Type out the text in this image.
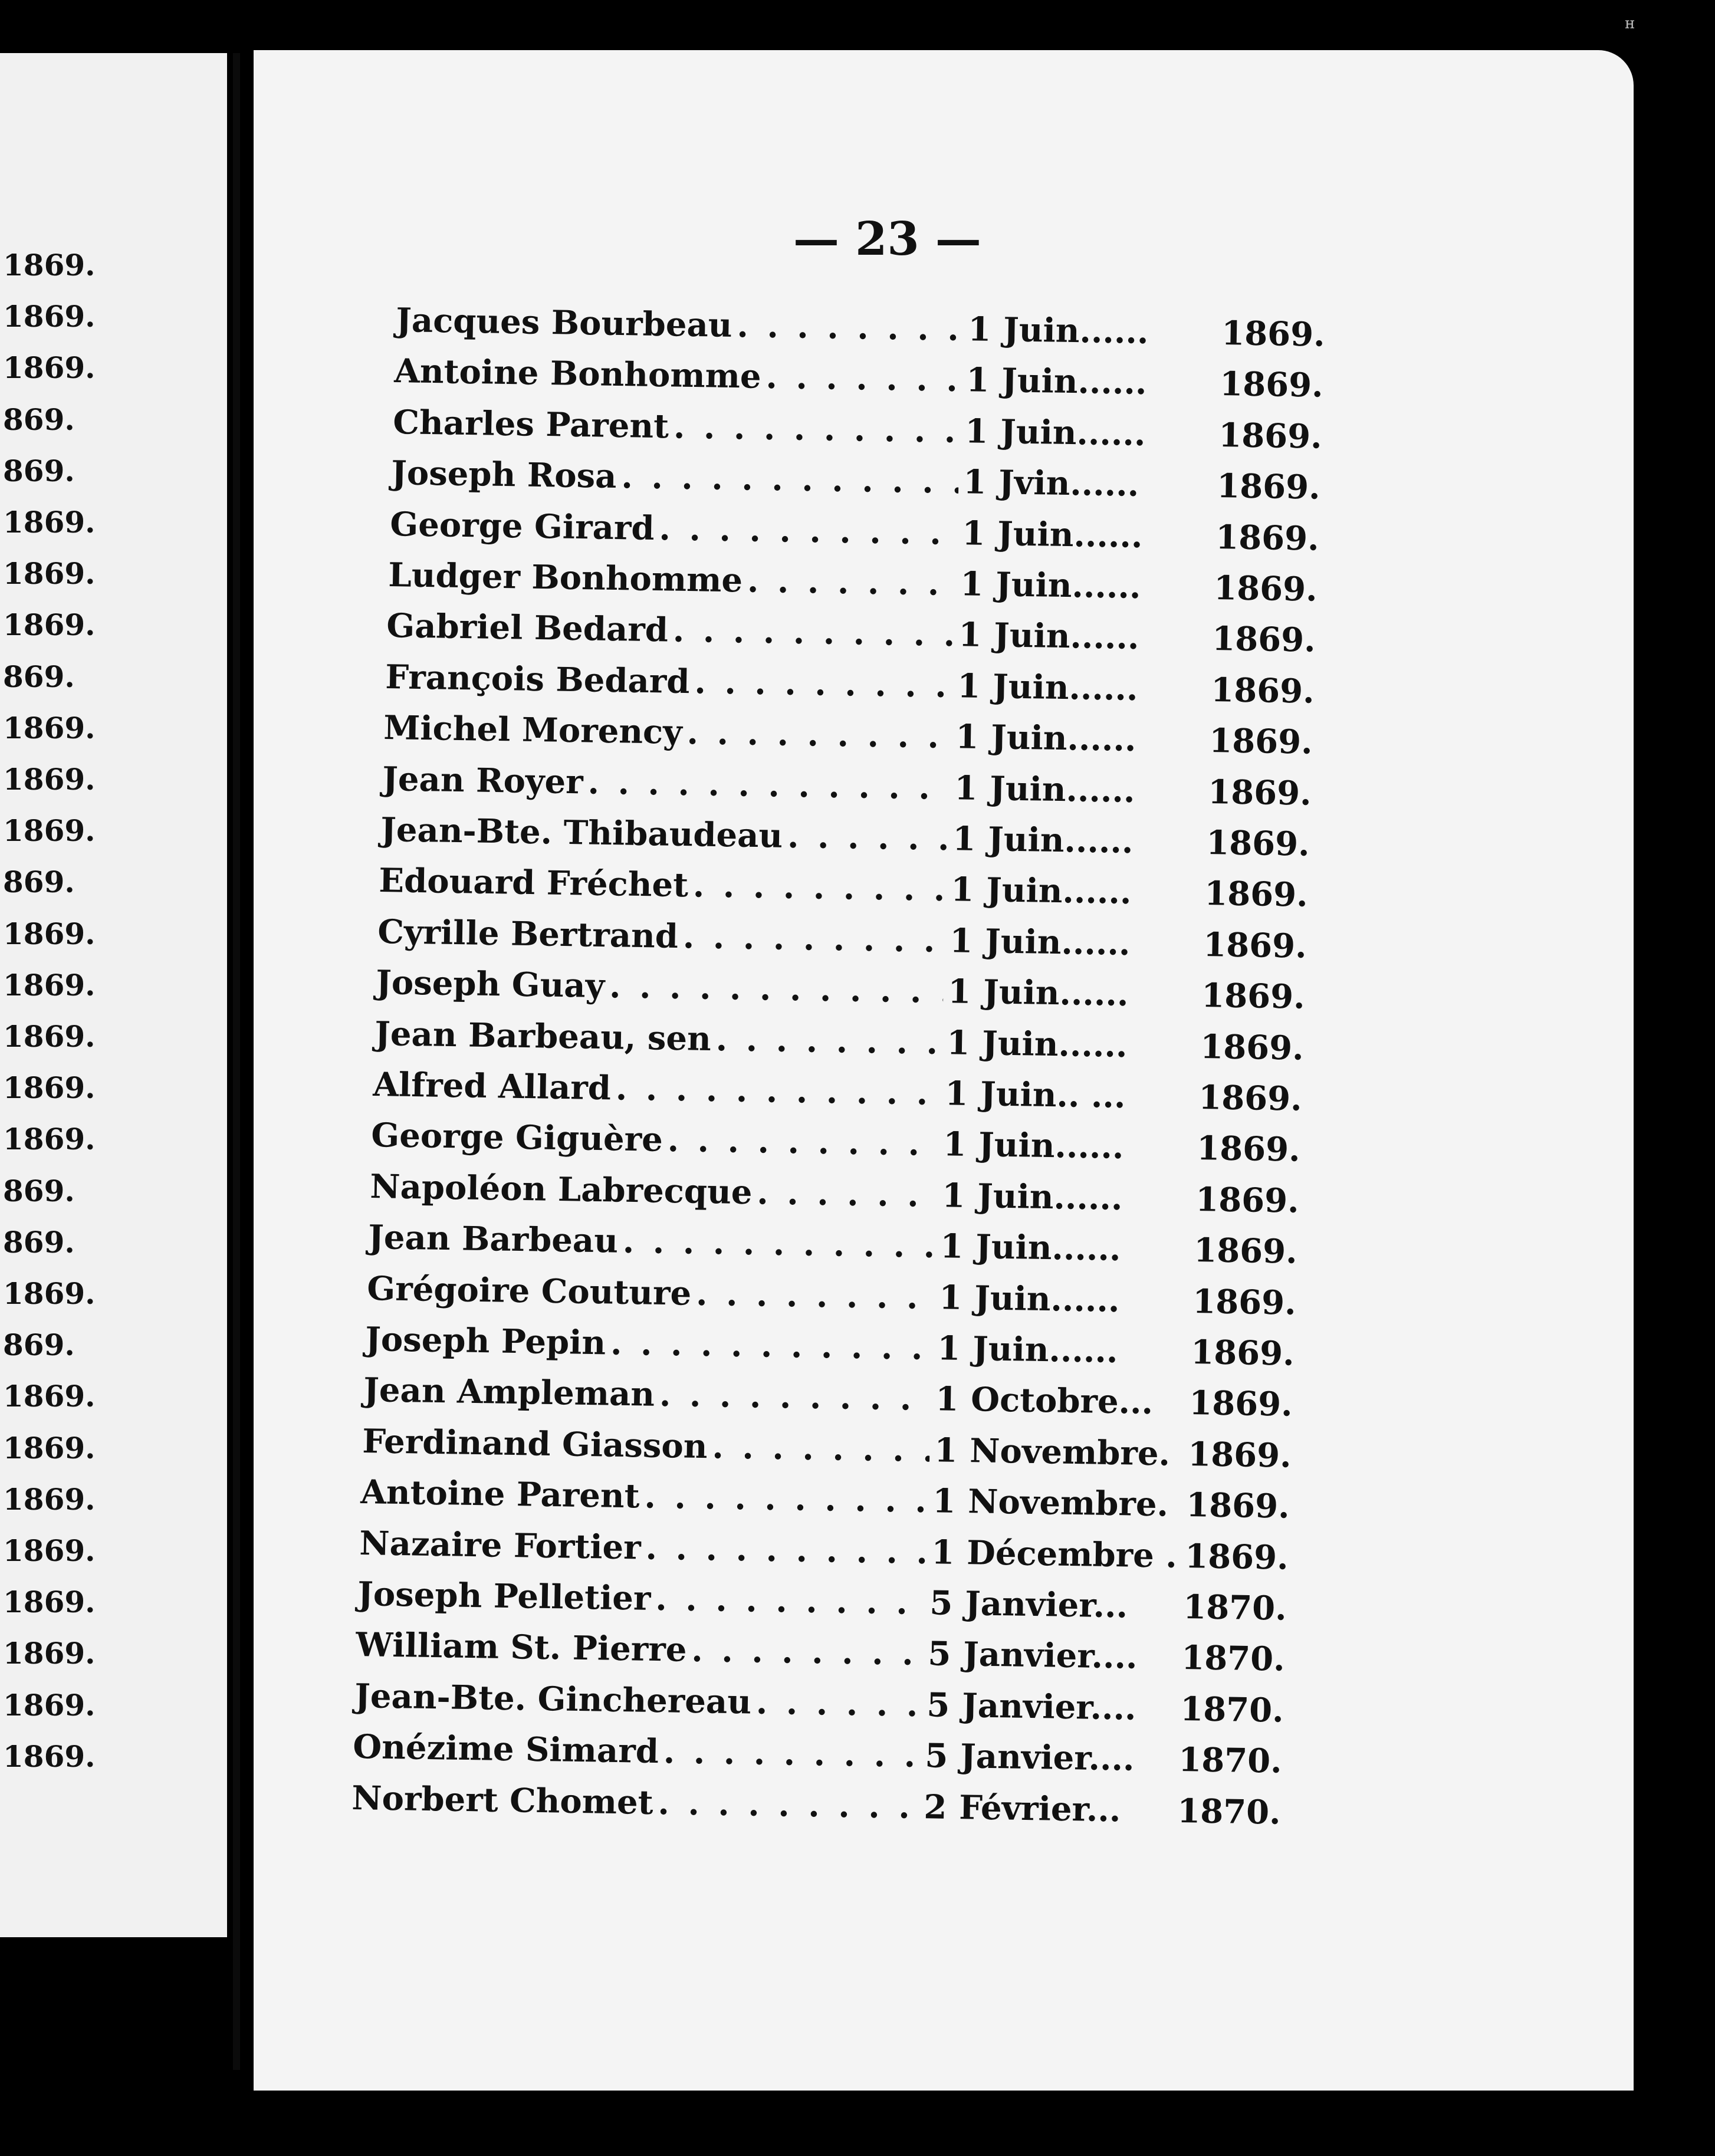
1869.
1869.
1869.
869.
869.
1869.
1869.
1869.
869.
1869.
1869.
1869.
869.
1869.
1869.
1869.
1869.
1869.
869.
869.
1869.
869.
1869.
1869.
1869.
1869.
1869.
1869.
1869.
1869.
н
— 23 —
Jacques Bourbeau . . .	1 Juin......	1869.
Antoine Bonhomme . . .	1 Juin......	1869.
Charles Parent . . .	1 Juin......	1869.
Joseph Rosa . . .	1 Jvin......	1869.
George Girard . . .	1 Juin......	1869.
Ludger Bonhomme . . .	1 Juin......	1869.
Gabriel Bedard . . .	1 Juin......	1869.
François Bedard . . .	1 Juin......	1869.
Michel Morency . . .	1 Juin......	1869.
Jean Royer . . .	1 Juin......	1869.
Jean-Bte. Thibaudeau . . .	1 Juin......	1869.
Edouard Fréchet . . .	1 Juin......	1869.
Cyrille Bertrand . . .	1 Juin......	1869.
Joseph Guay . . .	1 Juin......	1869.
Jean Barbeau, sen . . .	1 Juin......	1869.
Alfred Allard . . .	1 Juin.. ...	1869.
George Giguère . . .	1 Juin......	1869.
Napoléon Labrecque . . .	1 Juin......	1869.
Jean Barbeau . . .	1 Juin......	1869.
Grégoire Couture . . .	1 Juin......	1869.
Joseph Pepin . . .	1 Juin......	1869.
Jean Ampleman . . .	1 Octobre...	1869.
Ferdinand Giasson . . .	1 Novembre. 1869.
Antoine Parent . . .	1 Novembre. 1869.
Nazaire Fortier . . .	1 Décembre . 1869.
Joseph Pelletier . . .	5 Janvier...	1870.
William St. Pierre . . .	5 Janvier....	1870.
Jean-Bte. Ginchereau . . .	5 Janvier....	1870.
Onézime Simard . . .	5 Janvier....	1870.
Norbert Chomet . . .	2 Février...	1870.
